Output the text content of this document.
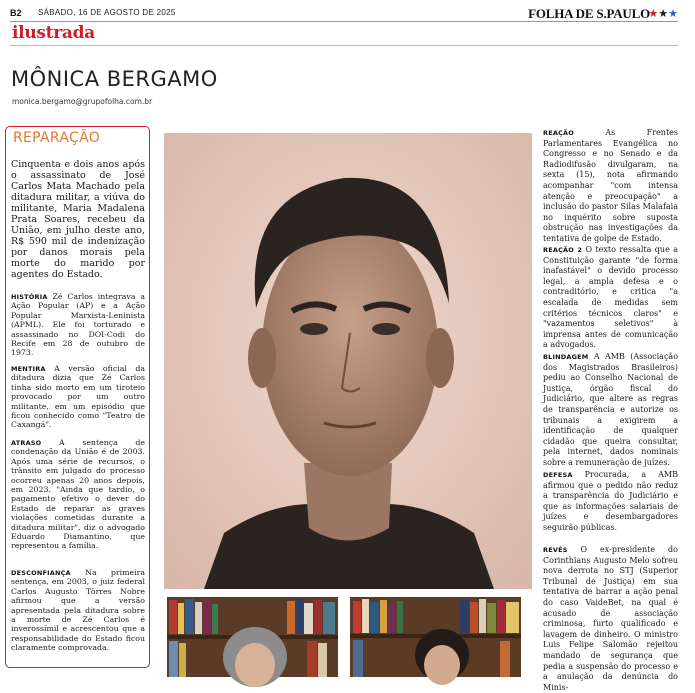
B2 SÁBADO, 16 DE AGOSTO DE 2025	FOLHA DE S.PAULO
★★★
ilustrada
MÔNICA BERGAMO
monica.bergamo@grupofolha.com.br
REPARAÇÃO
Cinquenta e dois anos após o assassinato de José Carlos Mata Machado pela ditadura militar, a viúva do militante, Maria Madalena Prata Soares, recebeu da União, em julho deste ano, R$ 590 mil de indenização por danos morais pela morte do marido por agentes do Estado.
HISTÓRIA Zé Carlos integrava a Ação Popular (AP) e a Ação Popular Marxista-Leninista (APML). Ele foi torturado e assassinado no DOI-Codi do Recife em 28 de outubro de 1973.
MENTIRA A versão oficial da ditadura dizia que Zé Carlos tinha sido morto em um tiroteio provocado por um outro militante, em um episódio que ficou conhecido como "Teatro de Caxangá".
ATRASO A sentença de condenação da União é de 2003. Após uma série de recursos, o trânsito em julgado do processo ocorreu apenas 20 anos depois, em 2023. "Ainda que tardio, o pagamento efetivo o dever do Estado de reparar as graves violações cometidas durante a ditadura militar", diz o advogado Eduardo Diamantino, que representou a família.
DESCONFIANÇA Na primeira sentença, em 2003, o juiz federal Carlos Augusto Tôrres Nobre afirmou que a versão apresentada pela ditadura sobre a morte de Zé Carlos é inverossímil e acrescentou que a responsabilidade do Estado ficou claramente comprovada.
REAÇÃO	As Frentes Parlamentares Evangélica no Congresso e no Senado e da Radiodifusão divulgaram, na sexta (15), nota afirmando acompanhar "com intensa atenção e preocupação" a inclusão do pastor Silas Malafaia no inquérito sobre suposta obstrução nas investigações da tentativa de golpe de Estado.
REAÇÃO 2 O texto ressalta que a Constituição garante "de forma inafastável" o devido processo legal, a ampla defesa e o contraditório, e critica "a escalada de medidas sem critérios técnicos claros" e "vazamentos seletivos" à imprensa antes de comunicação a advogados.
BLINDAGEM A AMB (Associação dos Magistrados Brasileiros) pediu ao Conselho Nacional de Justiça, órgão fiscal do Judiciário, que altere as regras de transparência e autorize os tribunais a exigirem a identificação de qualquer cidadão que queira consultar, pela internet, dados nominais sobre a remuneração de juízes.
DEFESA Procurada, a AMB afirmou que o pedido não reduz a transparência do Judiciário e que as informações salariais de juízes e desembargadores seguirão públicas.
REVÉS O ex-presidente do Corinthians Augusto Melo sofreu nova derrota no STJ (Superior Tribunal de Justiça) em sua tentativa de barrar a ação penal do caso VaideBet, na qual é acusado de associação criminosa, furto qualificado e lavagem de dinheiro. O ministro Luis Felipe Salomão rejeitou mandado de segurança que pedia a suspensão do processo e a anulação da denúncia do Minis-
